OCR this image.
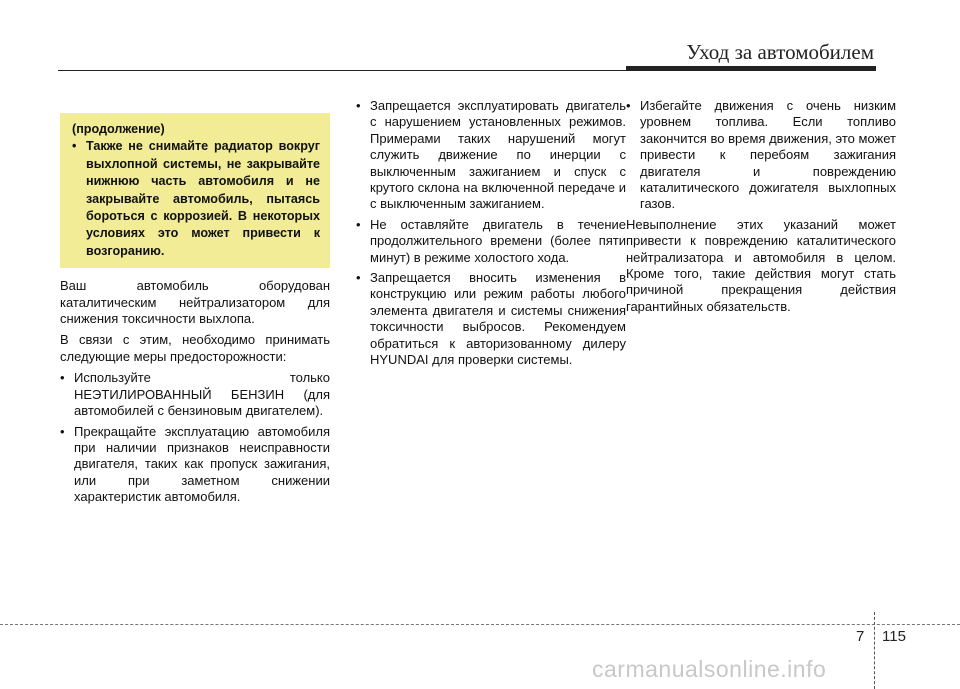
Уход за автомобилем

(продолжение)

• Также не снимайте радиатор вокруг выхлопной системы, не закрывайте нижнюю часть автомобиля и не закрывайте автомобиль, пытаясь бороться с коррозией. В некоторых условиях это может привести к возгоранию.

Ваш автомобиль оборудован каталитическим нейтрализатором для снижения токсичности выхлопа.

В связи с этим, необходимо принимать следующие меры предосторожности:

• Используйте только НЕЭТИЛИРОВАННЫЙ БЕНЗИН (для автомобилей с бензиновым двигателем).
• Прекращайте эксплуатацию автомобиля при наличии признаков неисправности двигателя, таких как пропуск зажигания, или при заметном снижении характеристик автомобиля.
• Запрещается эксплуатировать двигатель с нарушением установленных режимов. Примерами таких нарушений могут служить движение по инерции с выключенным зажиганием и спуск с крутого склона на включенной передаче и с выключенным зажиганием.
• Не оставляйте двигатель в течение продолжительного времени (более пяти минут) в режиме холостого хода.
• Запрещается вносить изменения в конструкцию или режим работы любого элемента двигателя и системы снижения токсичности выбросов. Рекомендуем обратиться к авторизованному дилеру HYUNDAI для проверки системы.
• Избегайте движения с очень низким уровнем топлива. Если топливо закончится во время движения, это может привести к перебоям зажигания двигателя и повреждению каталитического дожигателя выхлопных газов.

Невыполнение этих указаний может привести к повреждению каталитического нейтрализатора и автомобиля в целом. Кроме того, такие действия могут стать причиной прекращения действия гарантийных обязательств.

7 115
carmanualsonline.info
